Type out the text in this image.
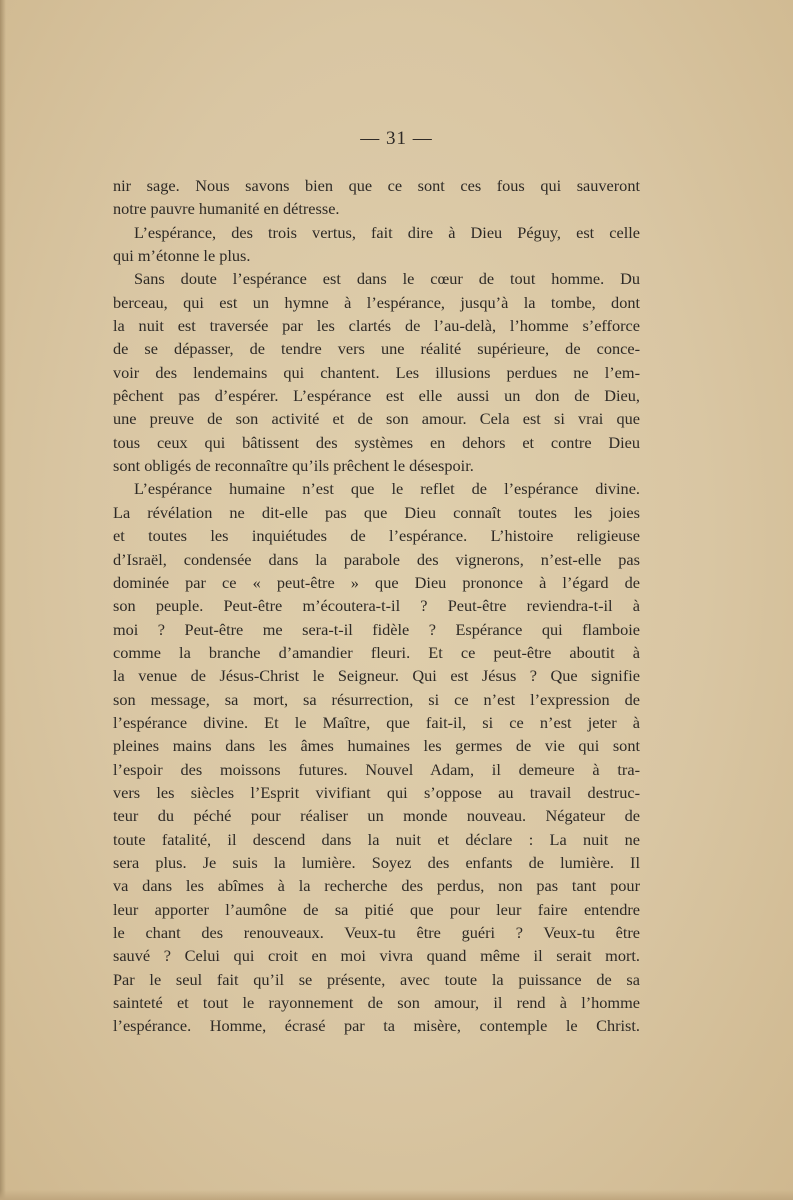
— 31 —
nir sage. Nous savons bien que ce sont ces fous qui sauveront
notre pauvre humanité en détresse.
L’espérance, des trois vertus, fait dire à Dieu Péguy, est celle
qui m’étonne le plus.
Sans doute l’espérance est dans le cœur de tout homme. Du
berceau, qui est un hymne à l’espérance, jusqu’à la tombe, dont
la nuit est traversée par les clartés de l’au-delà, l’homme s’efforce
de se dépasser, de tendre vers une réalité supérieure, de conce-
voir des lendemains qui chantent. Les illusions perdues ne l’em-
pêchent pas d’espérer. L’espérance est elle aussi un don de Dieu,
une preuve de son activité et de son amour. Cela est si vrai que
tous ceux qui bâtissent des systèmes en dehors et contre Dieu
sont obligés de reconnaître qu’ils prêchent le désespoir.
L’espérance humaine n’est que le reflet de l’espérance divine.
La révélation ne dit-elle pas que Dieu connaît toutes les joies
et toutes les inquiétudes de l’espérance. L’histoire religieuse
d’Israël, condensée dans la parabole des vignerons, n’est-elle pas
dominée par ce « peut-être » que Dieu prononce à l’égard de
son peuple. Peut-être m’écoutera-t-il ? Peut-être reviendra-t-il à
moi ? Peut-être me sera-t-il fidèle ? Espérance qui flamboie
comme la branche d’amandier fleuri. Et ce peut-être aboutit à
la venue de Jésus-Christ le Seigneur. Qui est Jésus ? Que signifie
son message, sa mort, sa résurrection, si ce n’est l’expression de
l’espérance divine. Et le Maître, que fait-il, si ce n’est jeter à
pleines mains dans les âmes humaines les germes de vie qui sont
l’espoir des moissons futures. Nouvel Adam, il demeure à tra-
vers les siècles l’Esprit vivifiant qui s’oppose au travail destruc-
teur du péché pour réaliser un monde nouveau. Négateur de
toute fatalité, il descend dans la nuit et déclare : La nuit ne
sera plus. Je suis la lumière. Soyez des enfants de lumière. Il
va dans les abîmes à la recherche des perdus, non pas tant pour
leur apporter l’aumône de sa pitié que pour leur faire entendre
le chant des renouveaux. Veux-tu être guéri ? Veux-tu être
sauvé ? Celui qui croit en moi vivra quand même il serait mort.
Par le seul fait qu’il se présente, avec toute la puissance de sa
sainteté et tout le rayonnement de son amour, il rend à l’homme
l’espérance. Homme, écrasé par ta misère, contemple le Christ.
